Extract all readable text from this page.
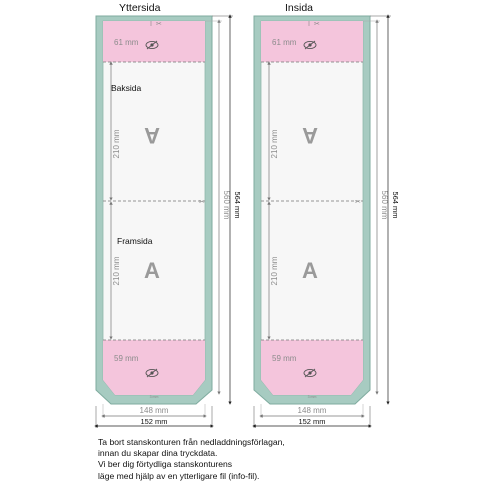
Yttersida
✂
✂
61 mm
59 mm
Baksida
Framsida
A
A
210 mm
210 mm
560 mm 564 mm
3 mm
148 mm
152 mm
Insida
✂
✂
61 mm
59 mm
A
A
210 mm
210 mm
560 mm 564 mm
3 mm
148 mm
152 mm
Ta bort stanskonturen från nedladdningsförlagan,
innan du skapar dina tryckdata.
Vi ber dig förtydliga stanskonturens
läge med hjälp av en ytterligare fil (info-fil).
